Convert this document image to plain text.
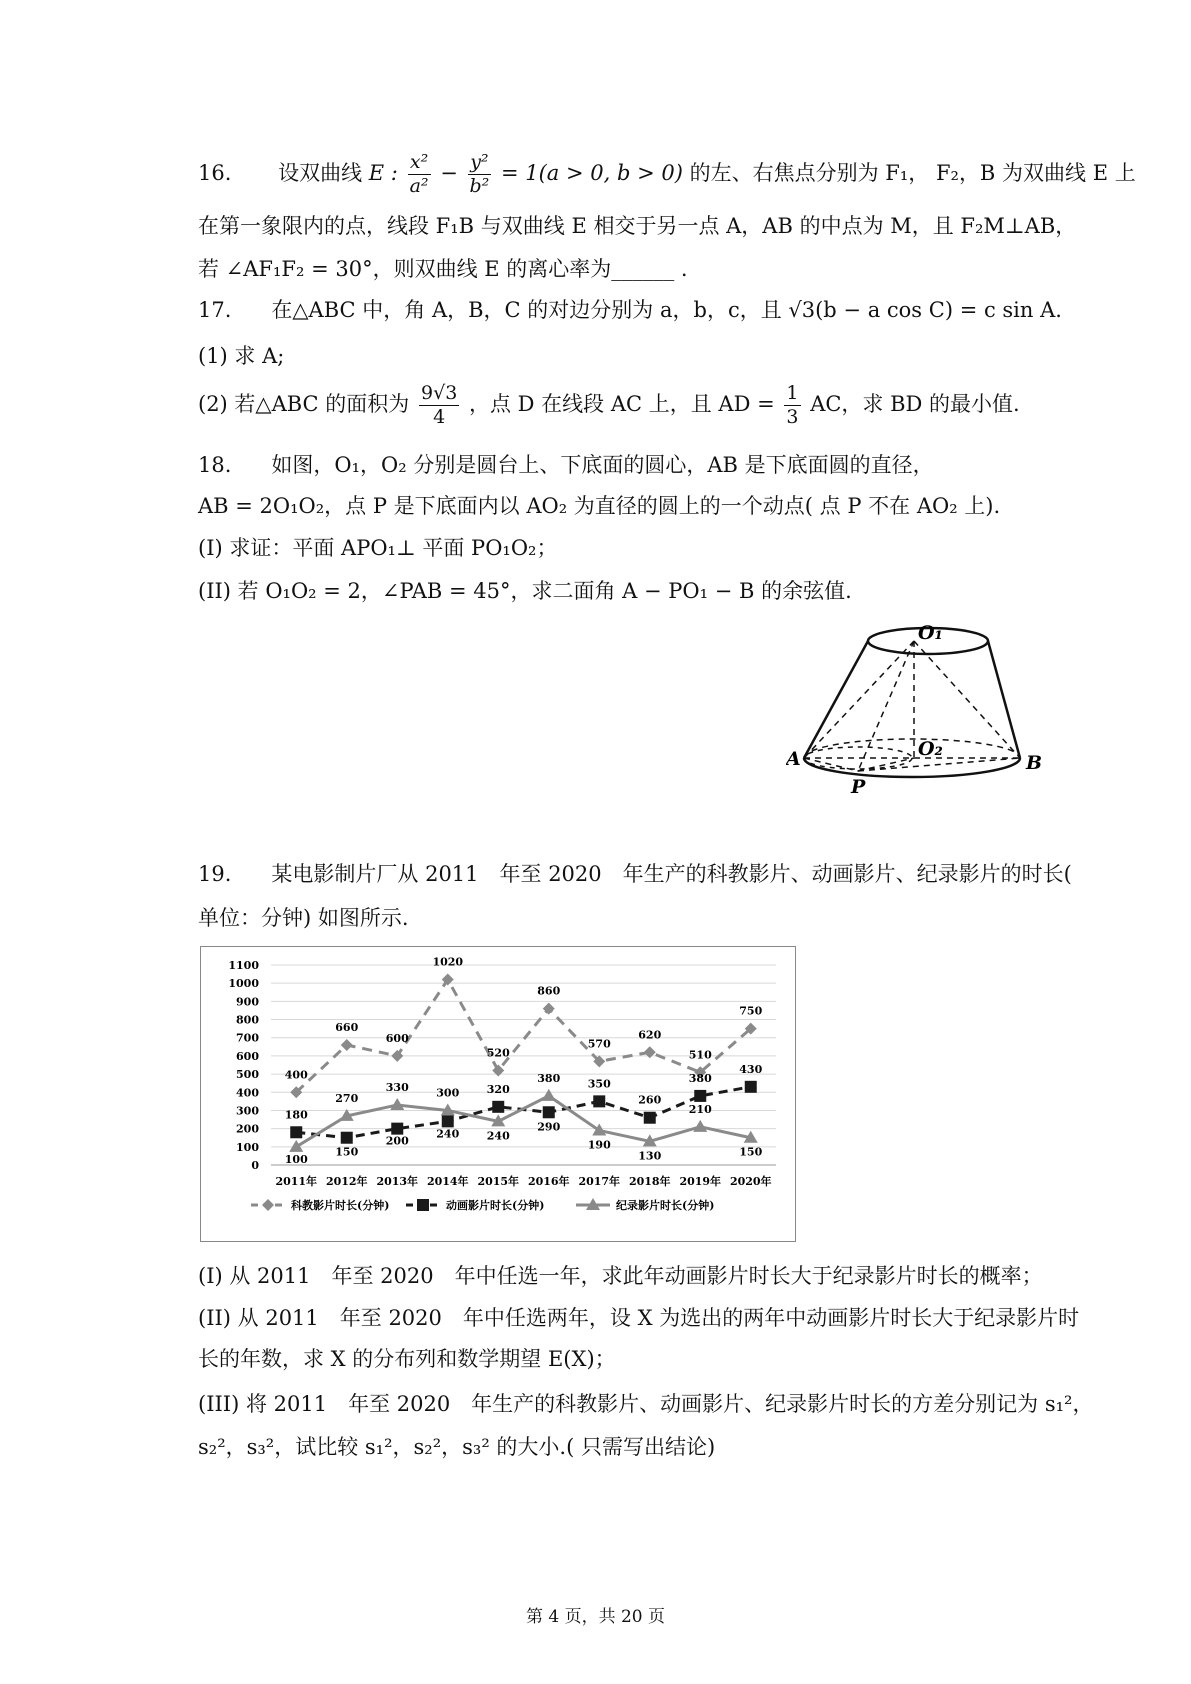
16. 设双曲线 E : $\frac{\text{x²}}{\text{a²}} - \frac{\text{y²}}{\text{b²}} = 1(a > 0$, b > 0) 的左、右焦点分别为 F₁， F₂，B 为双曲线 E 上
在第一象限内的点，线段 F₁B 与双曲线 E 相交于另一点 A，AB 的中点为 M，且 F₂M⊥AB，
若 ∠AF₁F₂ = 30°，则双曲线 E 的离心率为______ .
17. 在△ABC 中，角 A，B，C 的对边分别为 a，b，c，且 √3(b − a cos C) = c sin A.
(1) 求 A;
(2) 若△ABC 的面积为 $\frac{9√3}{4}$ ，点 D 在线段 AC 上，且 AD = $\frac{1}{3}$ AC，求 BD 的最小值.
18. 如图，O₁，O₂ 分别是圆台上、下底面的圆心，AB 是下底面圆的直径，
AB = 2O₁O₂，点 P 是下底面内以 AO₂ 为直径的圆上的一个动点( 点 P 不在 AO₂ 上).
(I) 求证：平面 APO₁⊥ 平面 PO₁O₂；
(II) 若 O₁O₂ = 2，∠PAB = 45°，求二面角 A − PO₁ − B 的余弦值.
O₁
O₂
A	B
P
19. 某电影制片厂从 2011　年至 2020　年生产的科教影片、动画影片、纪录影片的时长(
单位：分钟) 如图所示.
0
100
200
300
400
500
600
700
800
900
1000
1100
2011年 2012年 2013年 2014年 2015年 2016年 2017年 2018年 2019年 2020年
400
660
600
1020
520
860
570
620
510
750
180
150
200
240
320
290
350
260
380
430
100
270
330	300
240
380
190
130
210
150
科教影片时长(分钟)	动画影片时长(分钟)	纪录影片时长(分钟)
(I) 从 2011　年至 2020　年中任选一年，求此年动画影片时长大于纪录影片时长的概率；
(II) 从 2011　年至 2020　年中任选两年，设 X 为选出的两年中动画影片时长大于纪录影片时
长的年数，求 X 的分布列和数学期望 E(X)；
(III) 将 2011　年至 2020　年生产的科教影片、动画影片、纪录影片时长的方差分别记为 s₁²，
s₂²，s₃²，试比较 s₁²，s₂²，s₃² 的大小.( 只需写出结论)
第 4 页，共 20 页
